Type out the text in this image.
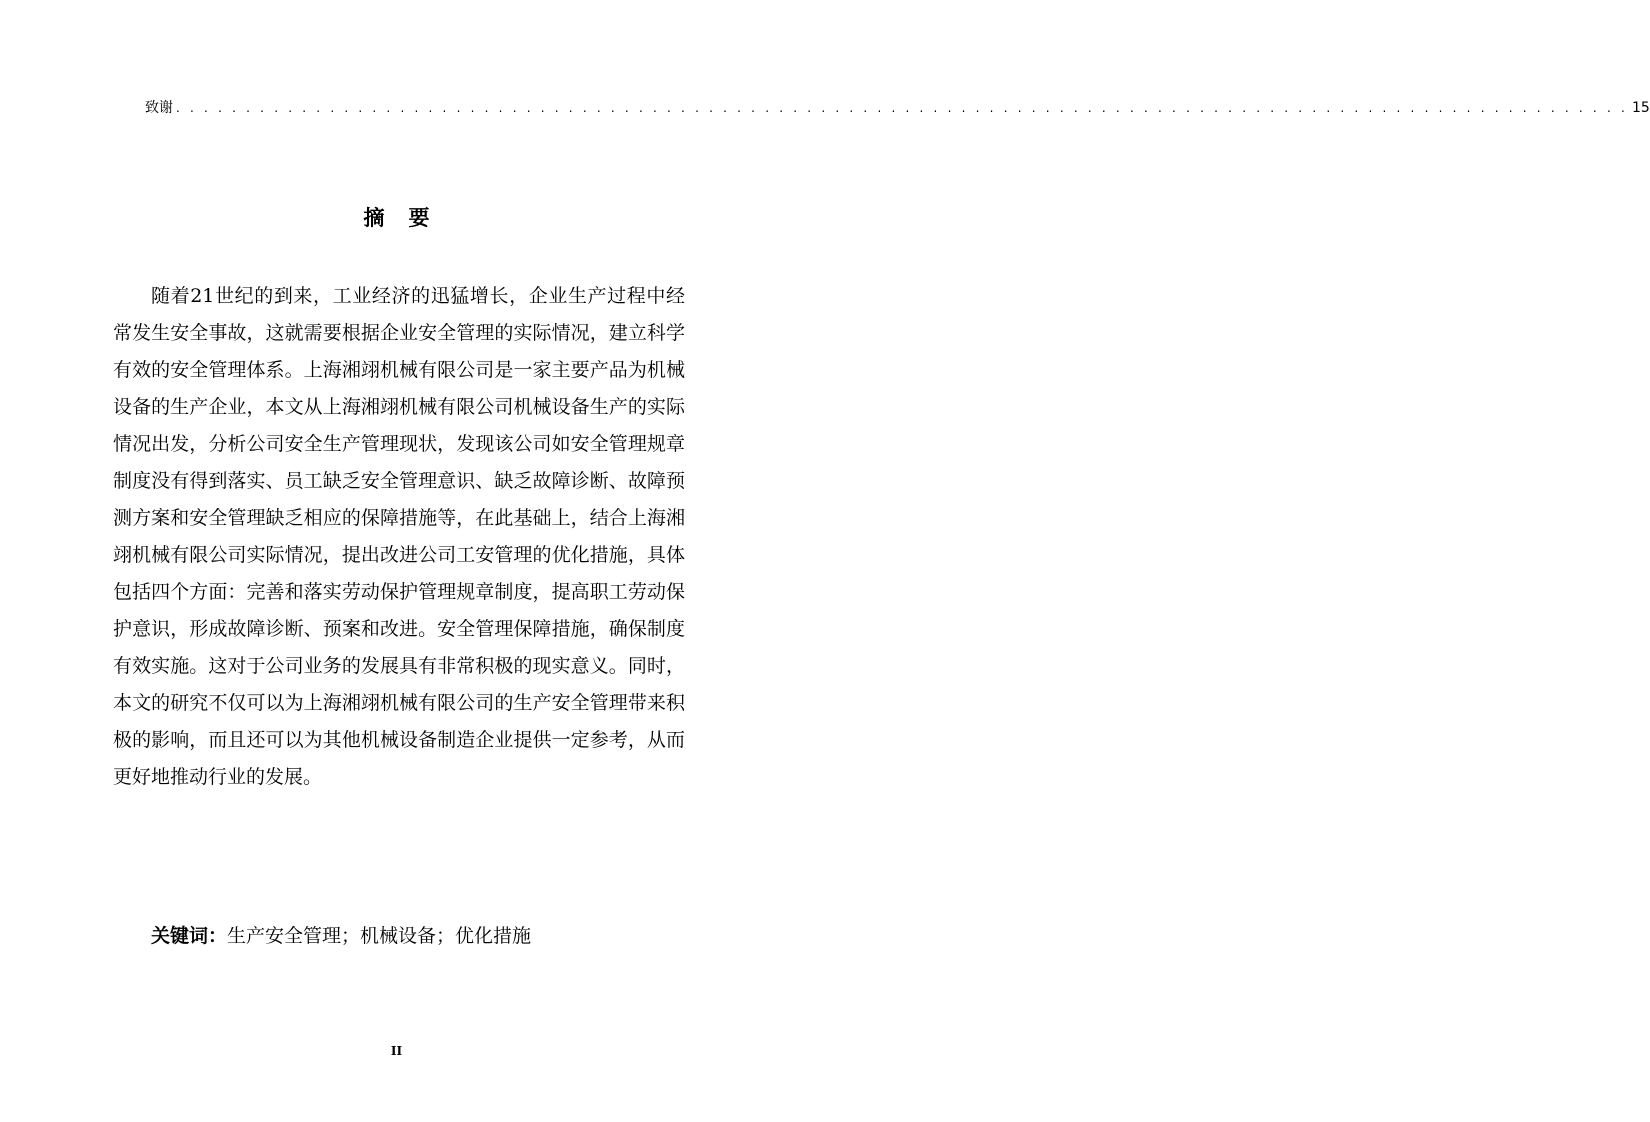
致谢 . . . . . . . . . . . . . . . . . . . . . . . . . . . . . . . . . . . . . . . . . . . . . . . . . . . . . . . . . . . . . . . . . . . . . . . . . . . . . . . . . . . . . . . . . . . . . . . . . . . . . . . . 15
摘要

随着21世纪的到来，工业经济的迅猛增长，企业生产过程中经常发生安全事故，这就需要根据企业安全管理的实际情况，建立科学有效的安全管理体系。上海湘翊机械有限公司是一家主要产品为机械设备的生产企业，本文从上海湘翊机械有限公司机械设备生产的实际情况出发，分析公司安全生产管理现状，发现该公司如安全管理规章制度没有得到落实、员工缺乏安全管理意识、缺乏故障诊断、故障预测方案和安全管理缺乏相应的保障措施等，在此基础上，结合上海湘翊机械有限公司实际情况，提出改进公司工安管理的优化措施，具体包括四个方面：完善和落实劳动保护管理规章制度，提高职工劳动保护意识，形成故障诊断、预案和改进。安全管理保障措施，确保制度有效实施。这对于公司业务的发展具有非常积极的现实意义。同时，本文的研究不仅可以为上海湘翊机械有限公司的生产安全管理带来积极的影响，而且还可以为其他机械设备制造企业提供一定参考，从而更好地推动行业的发展。

关键词：生产安全管理；机械设备；优化措施
II
